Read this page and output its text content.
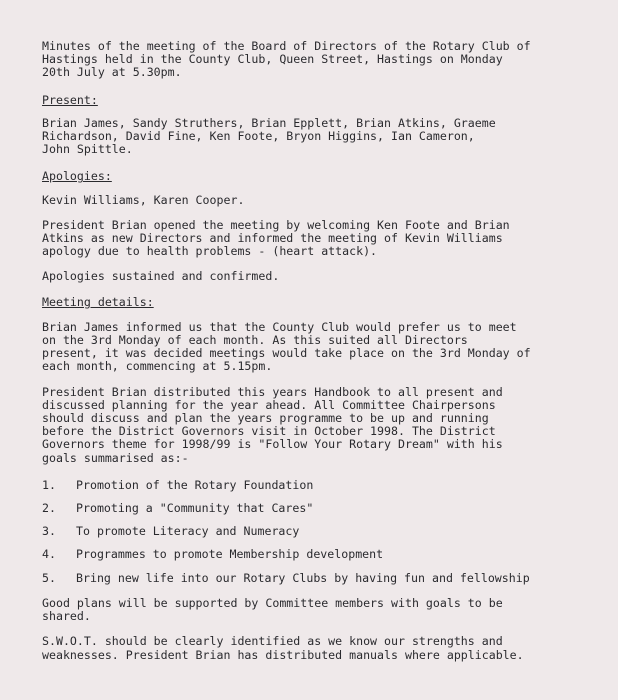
Minutes of the meeting of the Board of Directors of the Rotary Club of
Hastings held in the County Club, Queen Street, Hastings on Monday
20th July at 5.30pm.

Present:

Brian James, Sandy Struthers, Brian Epplett, Brian Atkins, Graeme
Richardson, David Fine, Ken Foote, Bryon Higgins, Ian Cameron,
John Spittle.

Apologies:

Kevin Williams, Karen Cooper.

President Brian opened the meeting by welcoming Ken Foote and Brian
Atkins as new Directors and informed the meeting of Kevin Williams
apology due to health problems - (heart attack).

Apologies sustained and confirmed.

Meeting details:

Brian James informed us that the County Club would prefer us to meet
on the 3rd Monday of each month. As this suited all Directors
present, it was decided meetings would take place on the 3rd Monday of
each month, commencing at 5.15pm.

President Brian distributed this years Handbook to all present and
discussed planning for the year ahead. All Committee Chairpersons
should discuss and plan the years programme to be up and running
before the District Governors visit in October 1998. The District
Governors theme for 1998/99 is "Follow Your Rotary Dream" with his
goals summarised as:-

1.	Promotion of the Rotary Foundation
2.	Promoting a "Community that Cares"
3.	To promote Literacy and Numeracy
4.	Programmes to promote Membership development
5.	Bring new life into our Rotary Clubs by having fun and fellowship

Good plans will be supported by Committee members with goals to be
shared.

S.W.O.T. should be clearly identified as we know our strengths and
weaknesses. President Brian has distributed manuals where applicable.
